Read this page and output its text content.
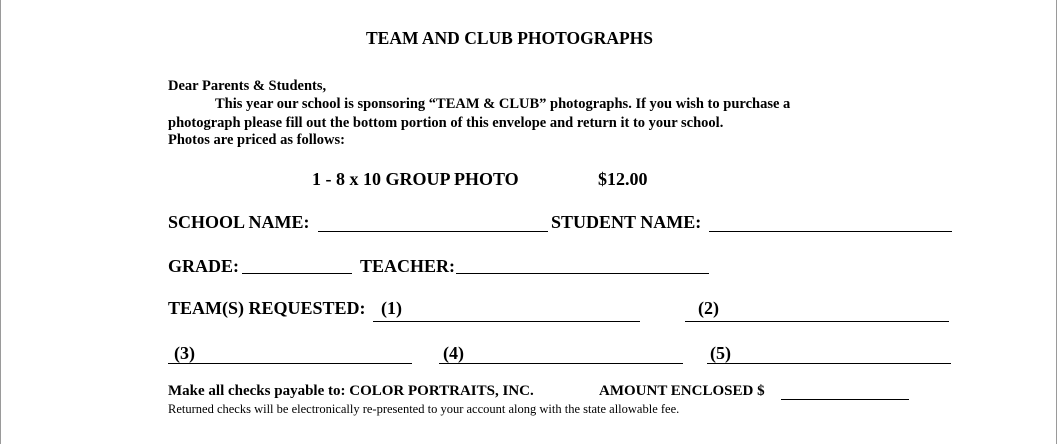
TEAM AND CLUB PHOTOGRAPHS
Dear Parents & Students,
This year our school is sponsoring “TEAM & CLUB” photographs. If you wish to purchase a
photograph please fill out the bottom portion of this envelope and return it to your school.
Photos are priced as follows:
1 - 8 x 10 GROUP PHOTO	$12.00
SCHOOL NAME:	STUDENT NAME:
GRADE:	TEACHER:
TEAM(S) REQUESTED: (1)	(2)
(3)	(4)	(5)
Make all checks payable to: COLOR PORTRAITS, INC.	AMOUNT ENCLOSED $
Returned checks will be electronically re-presented to your account along with the state allowable fee.
